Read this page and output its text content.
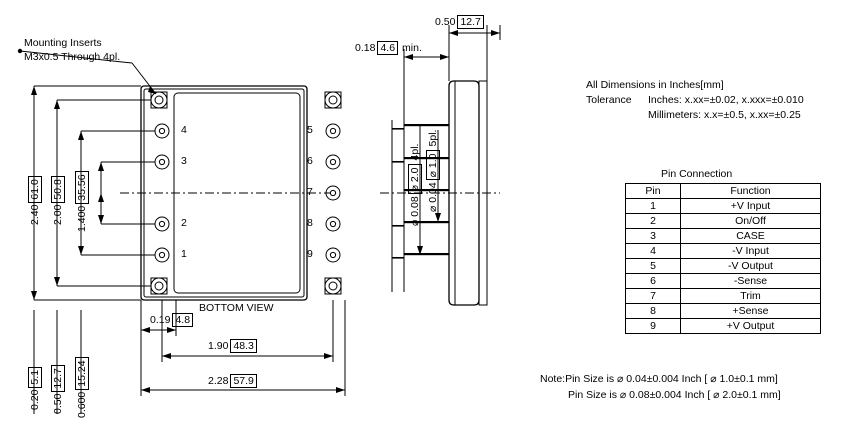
Mounting Inserts
M3x0.5 Through 4pl.
BOTTOM VIEW
4
3
2
1
5
6
7
8
9
2.4061.0
2.0050.8
1.40035.56
0.205.1
0.5012.7
0.60015.24
0.19 4.8
1.90 48.3
2.28 57.9
0.50 12.7
0.18 4.6 min.
⌀ 0.08⌀ 2.04pl.
⌀ 0.04⌀ 1.05pl.
All Dimensions in Inches[mm]
Tolerance Inches: x.xx=±0.02, x.xxx=±0.010
Millimeters: x.x=±0.5, x.xx=±0.25
Pin Connection
Pin	Function
1	+V Input
2	On/Off
3	CASE
4	-V Input
5	-V Output
6	-Sense
7	Trim
8	+Sense
9	+V Output
Note:Pin Size is ⌀ 0.04±0.004 Inch [ ⌀ 1.0±0.1 mm]
Pin Size is ⌀ 0.08±0.004 Inch [ ⌀ 2.0±0.1 mm]
